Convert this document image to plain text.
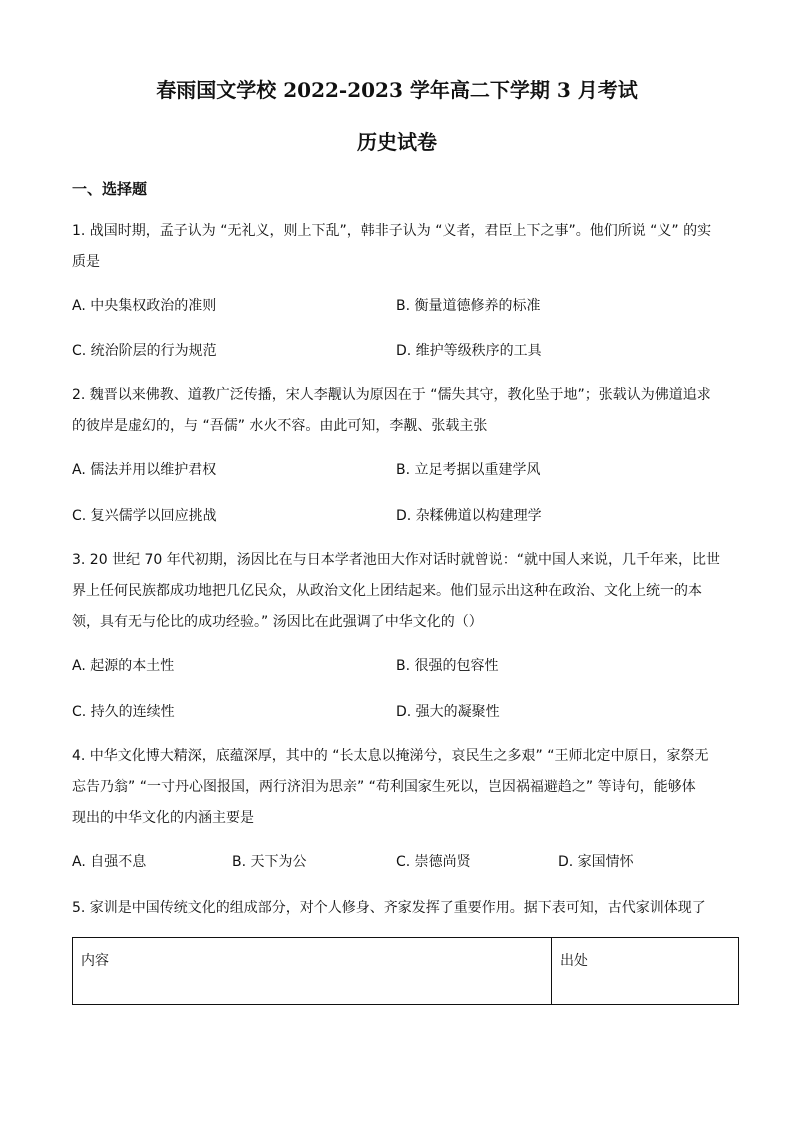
春雨国文学校 2022-2023 学年高二下学期 3 月考试
历史试卷
一、选择题
1. 战国时期，孟子认为 “无礼义，则上下乱”，韩非子认为 “义者，君臣上下之事”。他们所说 “义” 的实
质是
A. 中央集权政治的准则	B. 衡量道德修养的标准
C. 统治阶层的行为规范	D. 维护等级秩序的工具
2. 魏晋以来佛教、道教广泛传播，宋人李觏认为原因在于 “儒失其守，教化坠于地”；张载认为佛道追求
的彼岸是虚幻的，与 “吾儒” 水火不容。由此可知，李觏、张载主张
A. 儒法并用以维护君权	B. 立足考据以重建学风
C. 复兴儒学以回应挑战	D. 杂糅佛道以构建理学
3. 20 世纪 70 年代初期，汤因比在与日本学者池田大作对话时就曾说：“就中国人来说，几千年来，比世
界上任何民族都成功地把几亿民众，从政治文化上团结起来。他们显示出这种在政治、文化上统一的本
领，具有无与伦比的成功经验。” 汤因比在此强调了中华文化的（）
A. 起源的本土性	B. 很强的包容性
C. 持久的连续性	D. 强大的凝聚性
4. 中华文化博大精深，底蕴深厚，其中的 “长太息以掩涕兮，哀民生之多艰” “王师北定中原日，家祭无
忘告乃翁” “一寸丹心图报国，两行济泪为思亲” “苟利国家生死以，岂因祸福避趋之” 等诗句，能够体
现出的中华文化的内涵主要是
A. 自强不息	B. 天下为公	C. 崇德尚贤	D. 家国情怀
5. 家训是中国传统文化的组成部分，对个人修身、齐家发挥了重要作用。据下表可知，古代家训体现了
内容	出处
